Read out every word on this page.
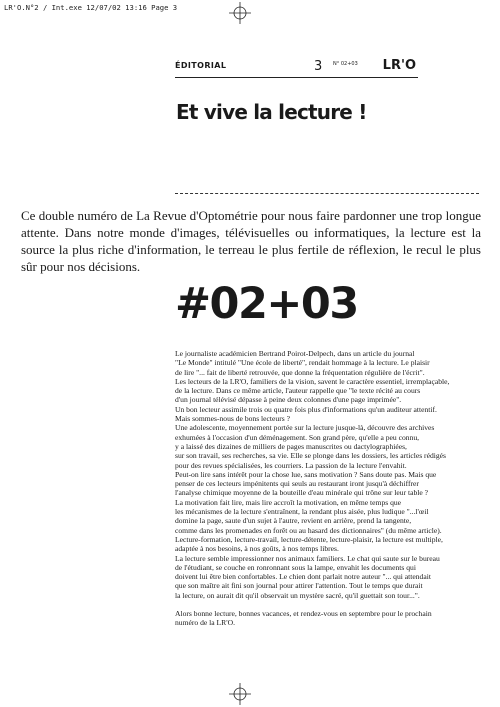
LR'O.N°2 / Int.exe 12/07/02 13:16 Page 3
ÉDITORIAL	3 N° 02+03 LR'O
Et vive la lecture !

Ce double numéro de La Revue d'Optométrie pour nous faire pardonner une trop longue attente. Dans notre monde d'images, télévisuelles ou informatiques, la lecture est la source la plus riche d'information, le terreau le plus fertile de réflexion, le recul le plus sûr pour nos décisions.

#02+03

Le journaliste académicien Bertrand Poirot-Delpech, dans un article du journal

"Le Monde" intitulé "Une école de liberté", rendait hommage à la lecture. Le plaisir

de lire "... fait de liberté retrouvée, que donne la fréquentation régulière de l'écrit".

Les lecteurs de la LR'O, familiers de la vision, savent le caractère essentiel, irremplaçable,

de la lecture. Dans ce même article, l'auteur rappelle que "le texte récité au cours

d'un journal télévisé dépasse à peine deux colonnes d'une page imprimée".

Un bon lecteur assimile trois ou quatre fois plus d'informations qu'un auditeur attentif.

Mais sommes-nous de bons lecteurs ?

Une adolescente, moyennement portée sur la lecture jusque-là, découvre des archives

exhumées à l'occasion d'un déménagement. Son grand père, qu'elle a peu connu,

y a laissé des dizaines de milliers de pages manuscrites ou dactylographiées,

sur son travail, ses recherches, sa vie. Elle se plonge dans les dossiers, les articles rédigés

pour des revues spécialisées, les courriers. La passion de la lecture l'envahit.

Peut-on lire sans intérêt pour la chose lue, sans motivation ? Sans doute pas. Mais que

penser de ces lecteurs impénitents qui seuls au restaurant iront jusqu'à déchiffrer

l'analyse chimique moyenne de la bouteille d'eau minérale qui trône sur leur table ?

La motivation fait lire, mais lire accroît la motivation, en même temps que

les mécanismes de la lecture s'entraînent, la rendant plus aisée, plus ludique "...l'œil

domine la page, saute d'un sujet à l'autre, revient en arrière, prend la tangente,

comme dans les promenades en forêt ou au hasard des dictionnaires" (du même article).

Lecture-formation, lecture-travail, lecture-détente, lecture-plaisir, la lecture est multiple,

adaptée à nos besoins, à nos goûts, à nos temps libres.

La lecture semble impressionner nos animaux familiers. Le chat qui saute sur le bureau

de l'étudiant, se couche en ronronnant sous la lampe, envahit les documents qui

doivent lui être bien confortables. Le chien dont parlait notre auteur "... qui attendait

que son maître ait fini son journal pour attirer l'attention. Tout le temps que durait

la lecture, on aurait dit qu'il observait un mystère sacré, qu'il guettait son tour...".

Alors bonne lecture, bonnes vacances, et rendez-vous en septembre pour le prochain

numéro de la LR'O.
